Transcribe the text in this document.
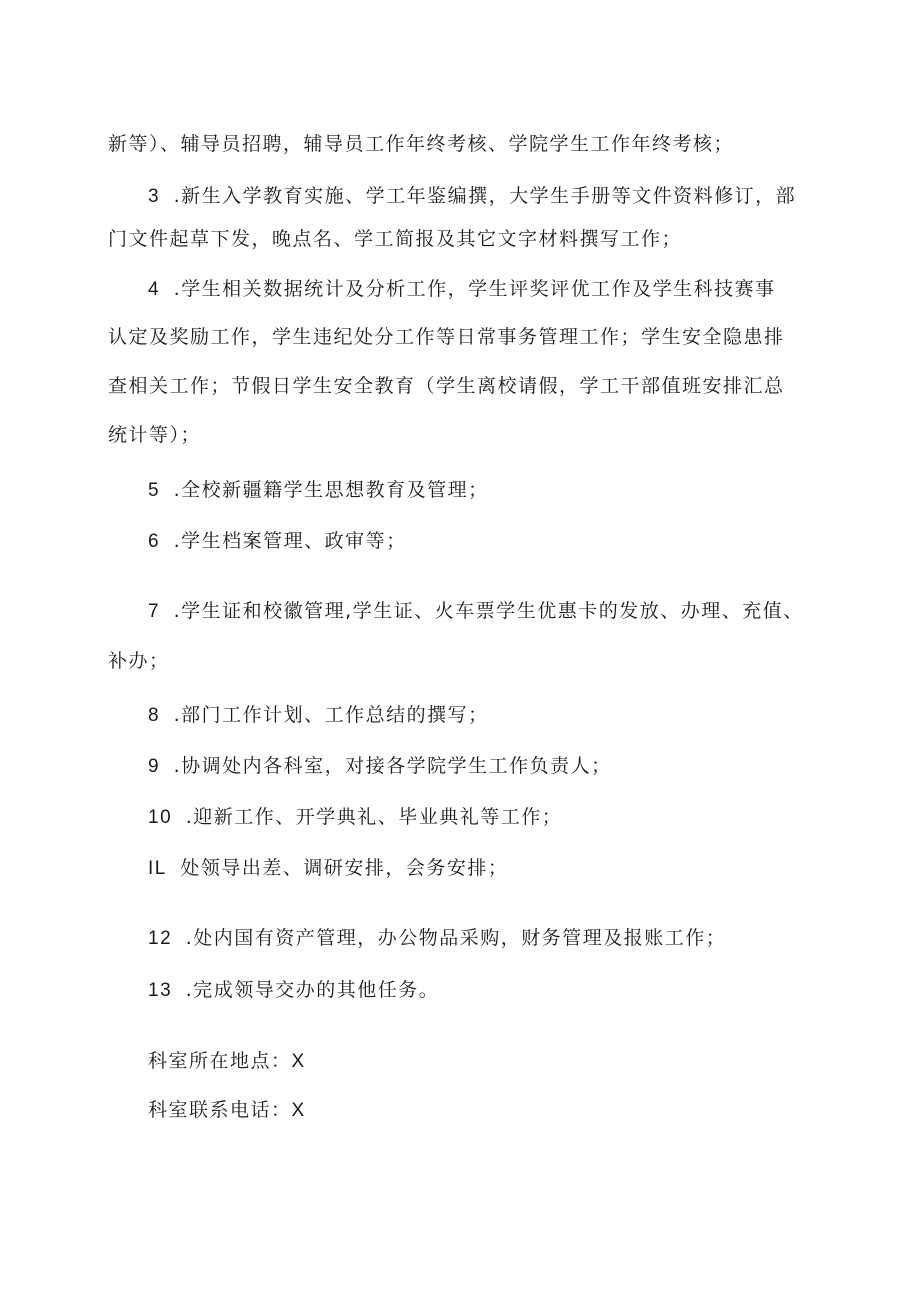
新等）、辅导员招聘，辅导员工作年终考核、学院学生工作年终考核；
3 .新生入学教育实施、学工年鉴编撰，大学生手册等文件资料修订，部
门文件起草下发，晚点名、学工简报及其它文字材料撰写工作；
4 .学生相关数据统计及分析工作，学生评奖评优工作及学生科技赛事
认定及奖励工作，学生违纪处分工作等日常事务管理工作；学生安全隐患排
查相关工作；节假日学生安全教育（学生离校请假，学工干部值班安排汇总
统计等）；
5 .全校新疆籍学生思想教育及管理；
6 .学生档案管理、政审等；
7 .学生证和校徽管理,学生证、火车票学生优惠卡的发放、办理、充值、
补办；
8 .部门工作计划、工作总结的撰写；
9 .协调处内各科室，对接各学院学生工作负责人；
10 .迎新工作、开学典礼、毕业典礼等工作；
IL 处领导出差、调研安排，会务安排；
12 .处内国有资产管理，办公物品采购，财务管理及报账工作；
13 .完成领导交办的其他任务。
科室所在地点：X
科室联系电话：X
